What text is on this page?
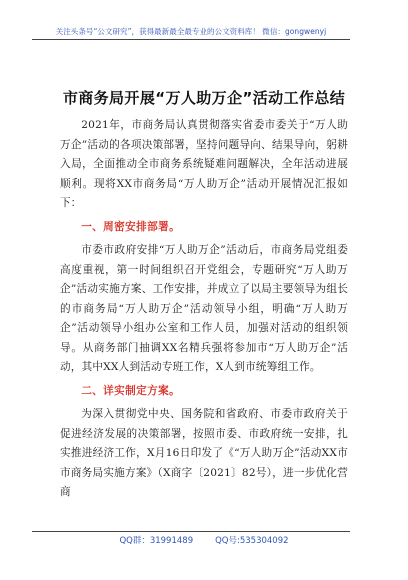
关注头条号“公文研究”，获得最新最全最专业的公文资料库！ 微信：gongwenyj
市商务局开展“万人助万企”活动工作总结

2021年，市商务局认真贯彻落实省委市委关于“万人助万企”活动的各项决策部署，坚持问题导向、结果导向，躬耕入局，全面推动全市商务系统疑难问题解决，全年活动进展顺利。现将XX市商务局“万人助万企”活动开展情况汇报如下：

一、周密安排部署。

市委市政府安排“万人助万企”活动后，市商务局党组委高度重视，第一时间组织召开党组会，专题研究“万人助万企”活动实施方案、工作安排，并成立了以局主要领导为组长的市商务局“万人助万企”活动领导小组，明确“万人助万企”活动领导小组办公室和工作人员，加强对活动的组织领导。从商务部门抽调XX名精兵强将参加市“万人助万企”活动，其中XX人到活动专班工作，X人到市统筹组工作。

二、详实制定方案。

为深入贯彻党中央、国务院和省政府、市委市政府关于促进经济发展的决策部署，按照市委、市政府统一安排，扎实推进经济工作，X月16日印发了《“万人助万企”活动XX市市商务局实施方案》（X商字〔2021〕82号），进一步优化营商

QQ群：31991489	QQ号:535304092
